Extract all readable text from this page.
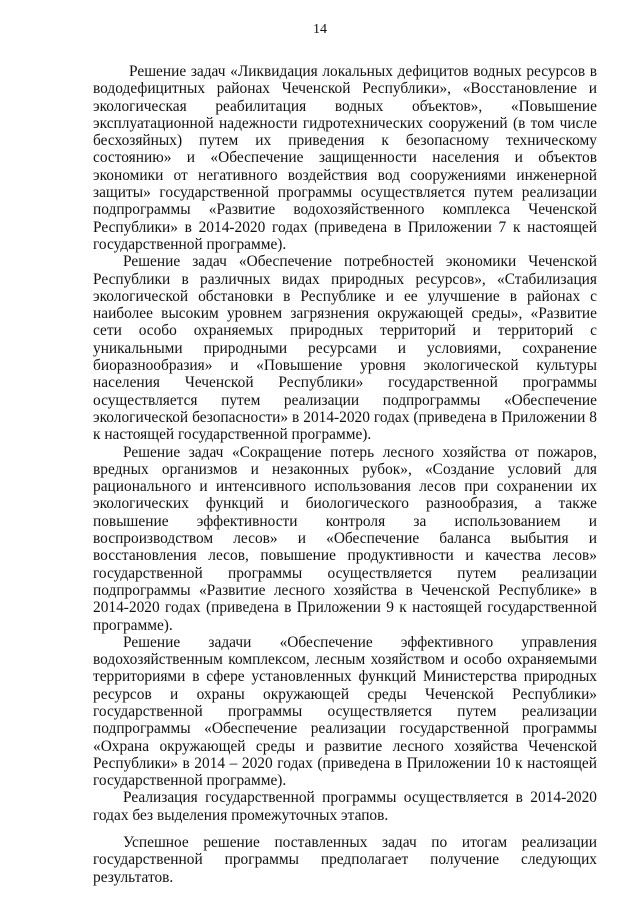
14

Решение задач «Ликвидация локальных дефицитов водных ресурсов в вододефицитных районах Чеченской Республики», «Восстановление и экологическая реабилитация водных объектов», «Повышение эксплуатационной надежности гидротехнических сооружений (в том числе бесхозяйных) путем их приведения к безопасному техническому состоянию» и «Обеспечение защищенности населения и объектов экономики от негативного воздействия вод сооружениями инженерной защиты» государственной программы осуществляется путем реализации подпрограммы «Развитие водохозяйственного комплекса Чеченской Республики» в 2014-2020 годах (приведена в Приложении 7 к настоящей государственной программе).

Решение задач «Обеспечение потребностей экономики Чеченской Республики в различных видах природных ресурсов», «Стабилизация экологической обстановки в Республике и ее улучшение в районах с наиболее высоким уровнем загрязнения окружающей среды», «Развитие сети особо охраняемых природных территорий и территорий с уникальными природными ресурсами и условиями, сохранение биоразнообразия» и «Повышение уровня экологической культуры населения Чеченской Республики» государственной программы осуществляется путем реализации подпрограммы «Обеспечение экологической безопасности» в 2014-2020 годах (приведена в Приложении 8 к настоящей государственной программе).

Решение задач «Сокращение потерь лесного хозяйства от пожаров, вредных организмов и незаконных рубок», «Создание условий для рационального и интенсивного использования лесов при сохранении их экологических функций и биологического разнообразия, а также повышение эффективности контроля за использованием и воспроизводством лесов» и «Обеспечение баланса выбытия и восстановления лесов, повышение продуктивности и качества лесов» государственной программы осуществляется путем реализации подпрограммы «Развитие лесного хозяйства в Чеченской Республике» в 2014-2020 годах (приведена в Приложении 9 к настоящей государственной программе).

Решение задачи «Обеспечение эффективного управления водохозяйственным комплексом, лесным хозяйством и особо охраняемыми территориями в сфере установленных функций Министерства природных ресурсов и охраны окружающей среды Чеченской Республики» государственной программы осуществляется путем реализации подпрограммы «Обеспечение реализации государственной программы «Охрана окружающей среды и развитие лесного хозяйства Чеченской Республики» в 2014 – 2020 годах (приведена в Приложении 10 к настоящей государственной программе).

Реализация государственной программы осуществляется в 2014-2020 годах без выделения промежуточных этапов.

Успешное решение поставленных задач по итогам реализации государственной программы предполагает получение следующих результатов.
